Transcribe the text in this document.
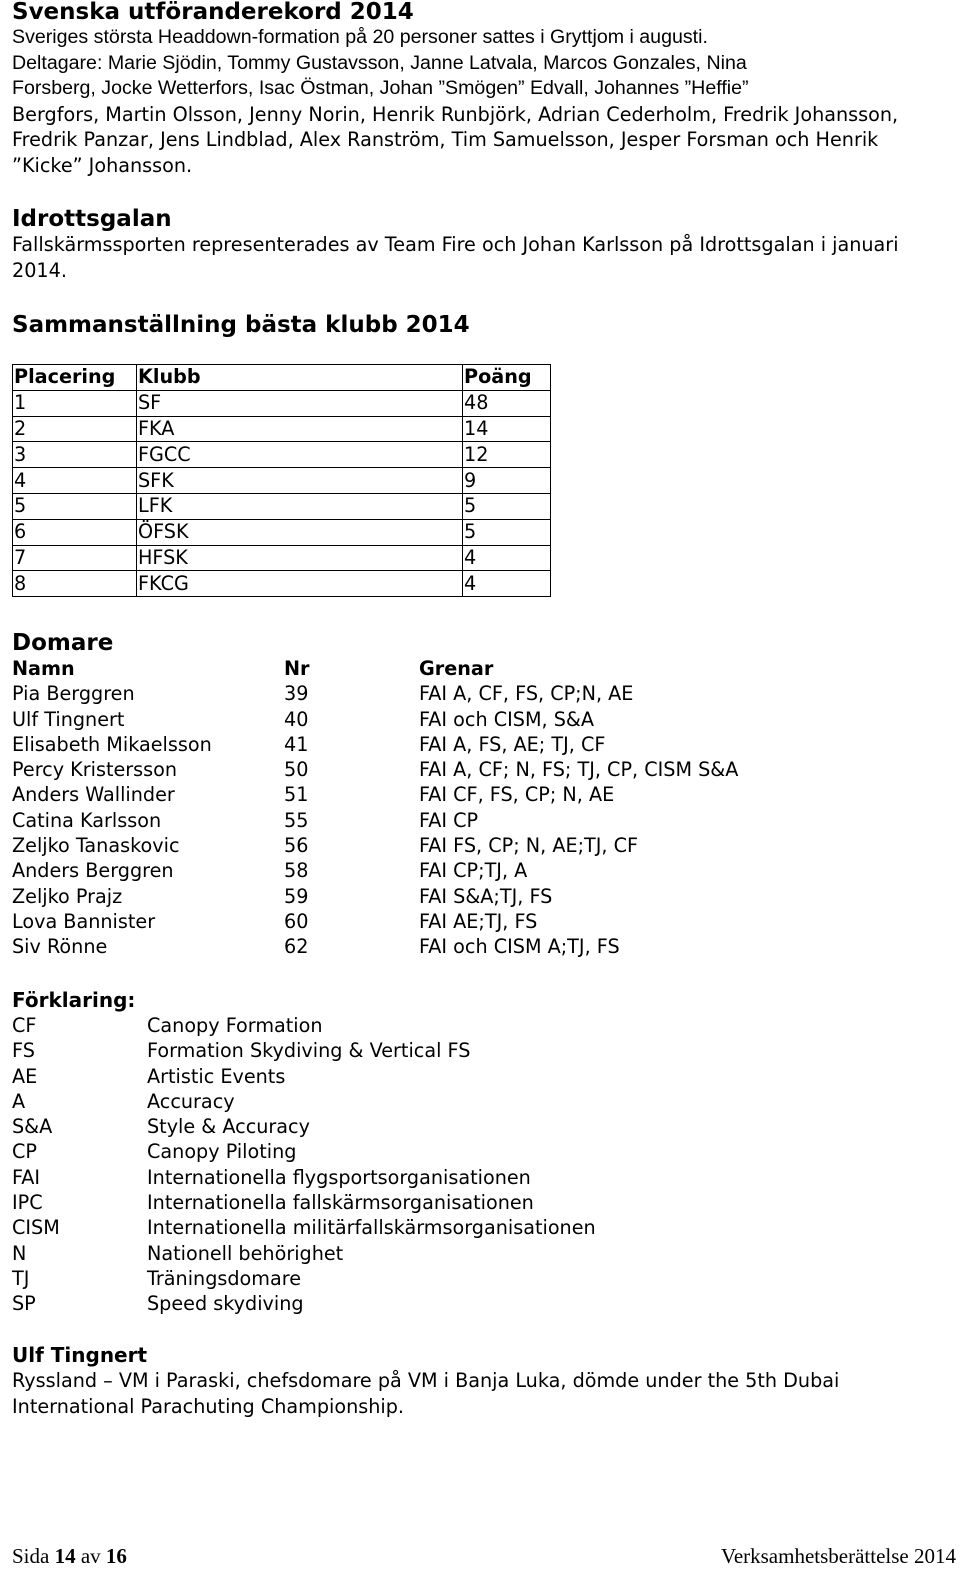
Svenska utföranderekord 2014

Sveriges största Headdown-formation på 20 personer sattes i Gryttjom i augusti.

Deltagare: Marie Sjödin, Tommy Gustavsson, Janne Latvala, Marcos Gonzales, Nina

Forsberg, Jocke Wetterfors, Isac Östman, Johan ”Smögen” Edvall, Johannes ”Heffie”

Bergfors, Martin Olsson, Jenny Norin, Henrik Runbjörk, Adrian Cederholm, Fredrik Johansson, Fredrik Panzar, Jens Lindblad, Alex Ranström, Tim Samuelsson, Jesper Forsman och Henrik ”Kicke” Johansson.

Idrottsgalan

Fallskärmssporten representerades av Team Fire och Johan Karlsson på Idrottsgalan i januari 2014.

Sammanställning bästa klubb 2014
Placering	Klubb	Poäng
1	SF	48
2	FKA	14
3	FGCC	12
4	SFK	9
5	LFK	5
6	ÖFSK	5
7	HFSK	4
8	FKCG	4
Domare
Namn	Nr	Grenar
Pia Berggren	39	FAI A, CF, FS, CP;N, AE
Ulf Tingnert	40	FAI och CISM, S&A
Elisabeth Mikaelsson	41	FAI A, FS, AE; TJ, CF
Percy Kristersson	50	FAI A, CF; N, FS; TJ, CP, CISM S&A
Anders Wallinder	51	FAI CF, FS, CP; N, AE
Catina Karlsson	55	FAI CP
Zeljko Tanaskovic	56	FAI FS, CP; N, AE;TJ, CF
Anders Berggren	58	FAI CP;TJ, A
Zeljko Prajz	59	FAI S&A;TJ, FS
Lova Bannister	60	FAI AE;TJ, FS
Siv Rönne	62	FAI och CISM A;TJ, FS
Förklaring:
CF	Canopy Formation
FS	Formation Skydiving & Vertical FS
AE	Artistic Events
A	Accuracy
S&A	Style & Accuracy
CP	Canopy Piloting
FAI	Internationella flygsportsorganisationen
IPC	Internationella fallskärmsorganisationen
CISM	Internationella militärfallskärmsorganisationen
N	Nationell behörighet
TJ	Träningsdomare
SP	Speed skydiving
Ulf Tingnert

Ryssland – VM i Paraski, chefsdomare på VM i Banja Luka, dömde under the 5th Dubai International Parachuting Championship.

Sida 14 av 16	Verksamhetsberättelse 2014
